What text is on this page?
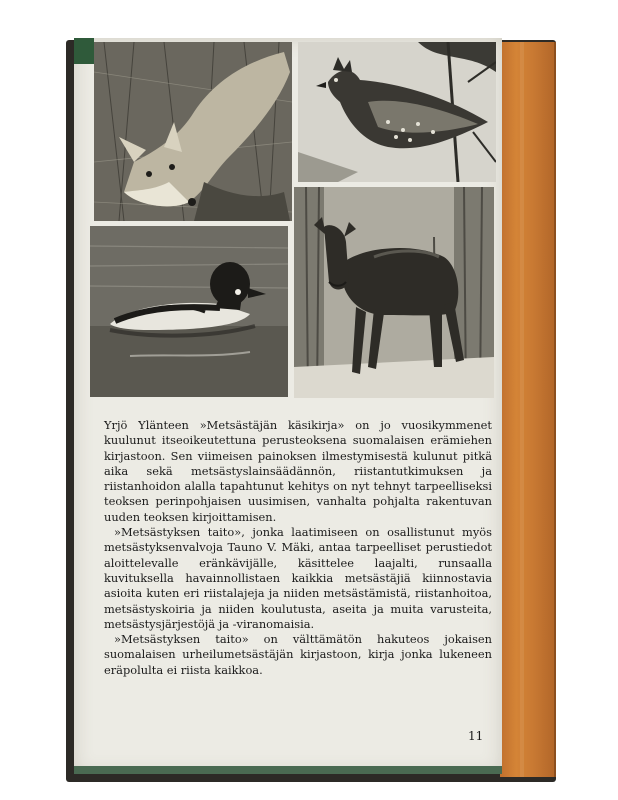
Yrjö Ylänteen »Metsästäjän käsikirja» on jo vuosikymmenet kuulunut itseoikeutettuna perusteoksena suomalaisen erämiehen kirjastoon. Sen viimeisen painoksen ilmestymisestä kulunut pitkä aika sekä metsästyslainsäädännön, riistantutkimuksen ja riistanhoidon alalla tapahtunut kehitys on nyt tehnyt tarpeelliseksi teoksen perinpohjaisen uusimisen, vanhalta pohjalta rakentuvan uuden teoksen kirjoittamisen.

»Metsästyksen taito», jonka laatimiseen on osallistunut myös metsästyksenvalvoja Tauno V. Mäki, antaa tarpeelliset perustiedot aloittelevalle eränkävijälle, käsittelee laajalti, runsaalla kuvituksella havainnollistaen kaikkia metsästäjiä kiinnostavia asioita kuten eri riistalajeja ja niiden metsästämistä, riistanhoitoa, metsästyskoiria ja niiden koulutusta, aseita ja muita varusteita, metsästysjärjestöjä ja -viranomaisia.

»Metsästyksen taito» on välttämätön hakuteos jokaisen suomalaisen urheilumetsästäjän kirjastoon, kirja jonka lukeneen eräpolulta ei riista kaikkoa.

11
